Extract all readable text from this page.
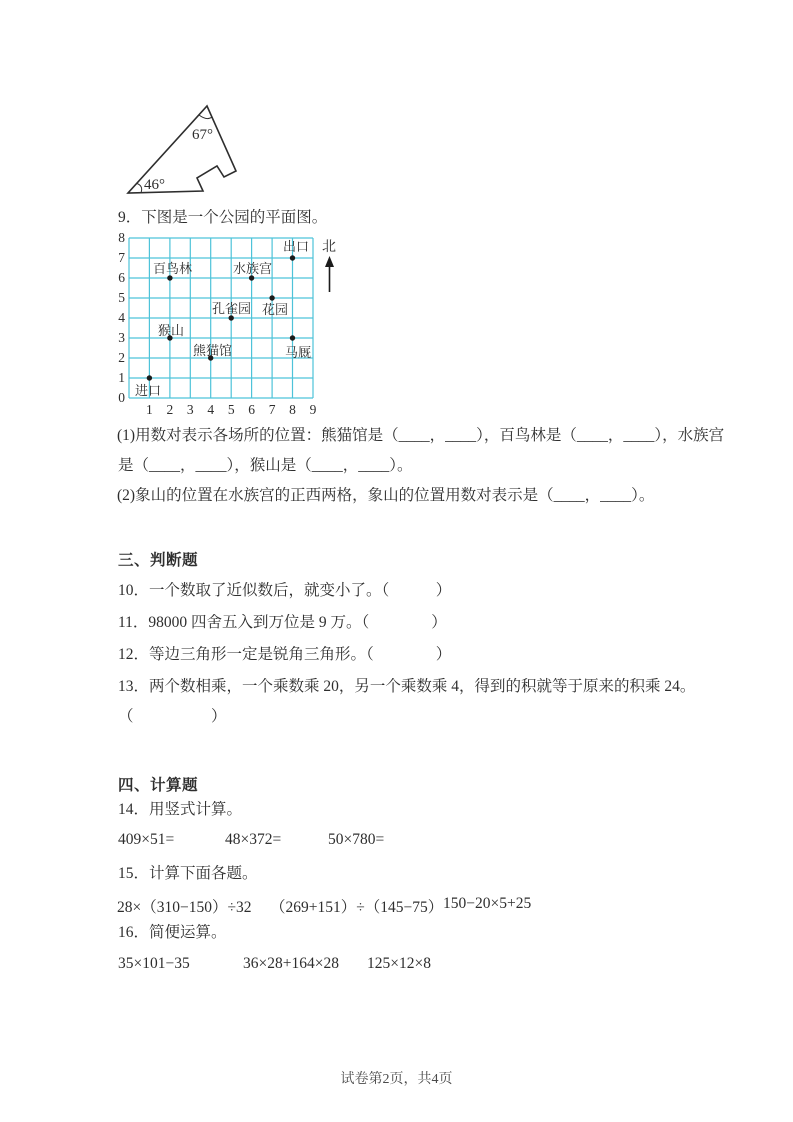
67°
46°
9．下图是一个公园的平面图。
8
7
6
5
4
3
2
1
0
1 2 3 4 5 6 7 8 9
出口
百鸟林	水族宫
花园
孔雀园
猴山
马厩
熊猫馆
进口
北
(1)用数对表示各场所的位置：熊猫馆是（____，____），百鸟林是（____，____），水族宫
是（____，____），猴山是（____，____）。
(2)象山的位置在水族宫的正西两格，象山的位置用数对表示是（____，____）。
三、判断题
10．一个数取了近似数后，就变小了。（　　　）
11．98000 四舍五入到万位是 9 万。（　　　　）
12．等边三角形一定是锐角三角形。（　　　　）
13．两个数相乘，一个乘数乘 20，另一个乘数乘 4，得到的积就等于原来的积乘 24。
（　　　　　）
四、计算题
14．用竖式计算。
409×51=	48×372=	50×780=
15．计算下面各题。
28×（310−150）÷32 （269+151）÷（145−75） 150−20×5+25
16．简便运算。
35×101−35	36×28+164×28 125×12×8
试卷第2页，共4页
